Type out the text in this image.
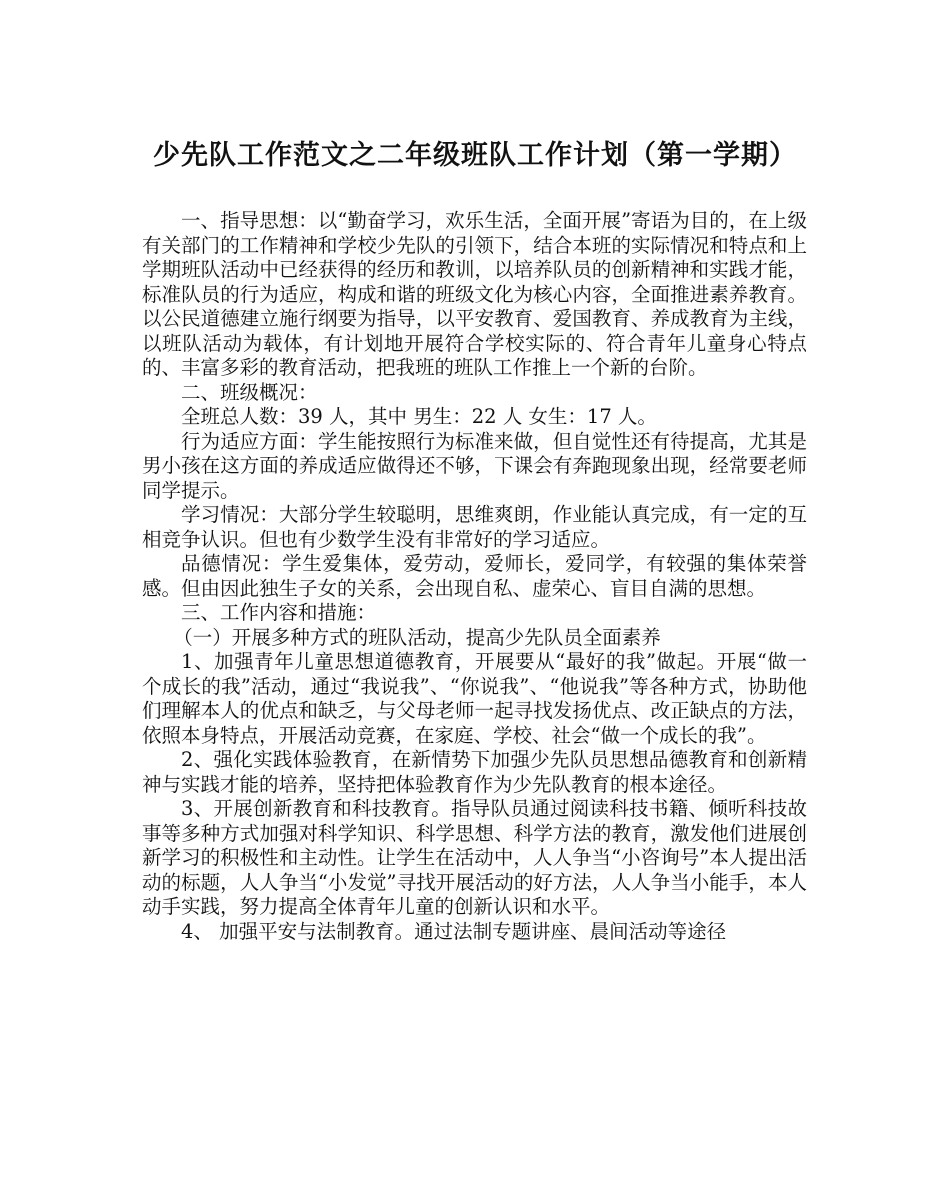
少先队工作范文之二年级班队工作计划（第一学期）

一、指导思想：以“勤奋学习，欢乐生活，全面开展”寄语为目的，在上级有关部门的工作精神和学校少先队的引领下，结合本班的实际情况和特点和上学期班队活动中已经获得的经历和教训，以培养队员的创新精神和实践才能，标准队员的行为适应，构成和谐的班级文化为核心内容，全面推进素养教育。以公民道德建立施行纲要为指导，以平安教育、爱国教育、养成教育为主线，以班队活动为载体，有计划地开展符合学校实际的、符合青年儿童身心特点的、丰富多彩的教育活动，把我班的班队工作推上一个新的台阶。

二、班级概况：

全班总人数：39 人，其中 男生：22 人 女生：17 人。

行为适应方面：学生能按照行为标准来做，但自觉性还有待提高，尤其是男小孩在这方面的养成适应做得还不够，下课会有奔跑现象出现，经常要老师同学提示。

学习情况：大部分学生较聪明，思维爽朗，作业能认真完成，有一定的互相竞争认识。但也有少数学生没有非常好的学习适应。

品德情况：学生爱集体，爱劳动，爱师长，爱同学，有较强的集体荣誉感。但由因此独生子女的关系，会出现自私、虚荣心、盲目自满的思想。

三、工作内容和措施：

（一）开展多种方式的班队活动，提高少先队员全面素养

1、加强青年儿童思想道德教育，开展要从“最好的我”做起。开展“做一个成长的我”活动，通过“我说我”、“你说我”、“他说我”等各种方式，协助他们理解本人的优点和缺乏，与父母老师一起寻找发扬优点、改正缺点的方法，依照本身特点，开展活动竞赛，在家庭、学校、社会“做一个成长的我”。

2、强化实践体验教育，在新情势下加强少先队员思想品德教育和创新精神与实践才能的培养，坚持把体验教育作为少先队教育的根本途径。

3、开展创新教育和科技教育。指导队员通过阅读科技书籍、倾听科技故事等多种方式加强对科学知识、科学思想、科学方法的教育，激发他们进展创新学习的积极性和主动性。让学生在活动中，人人争当“小咨询号”本人提出活动的标题，人人争当“小发觉”寻找开展活动的好方法，人人争当小能手，本人动手实践，努力提高全体青年儿童的创新认识和水平。

4、 加强平安与法制教育。通过法制专题讲座、晨间活动等途径
